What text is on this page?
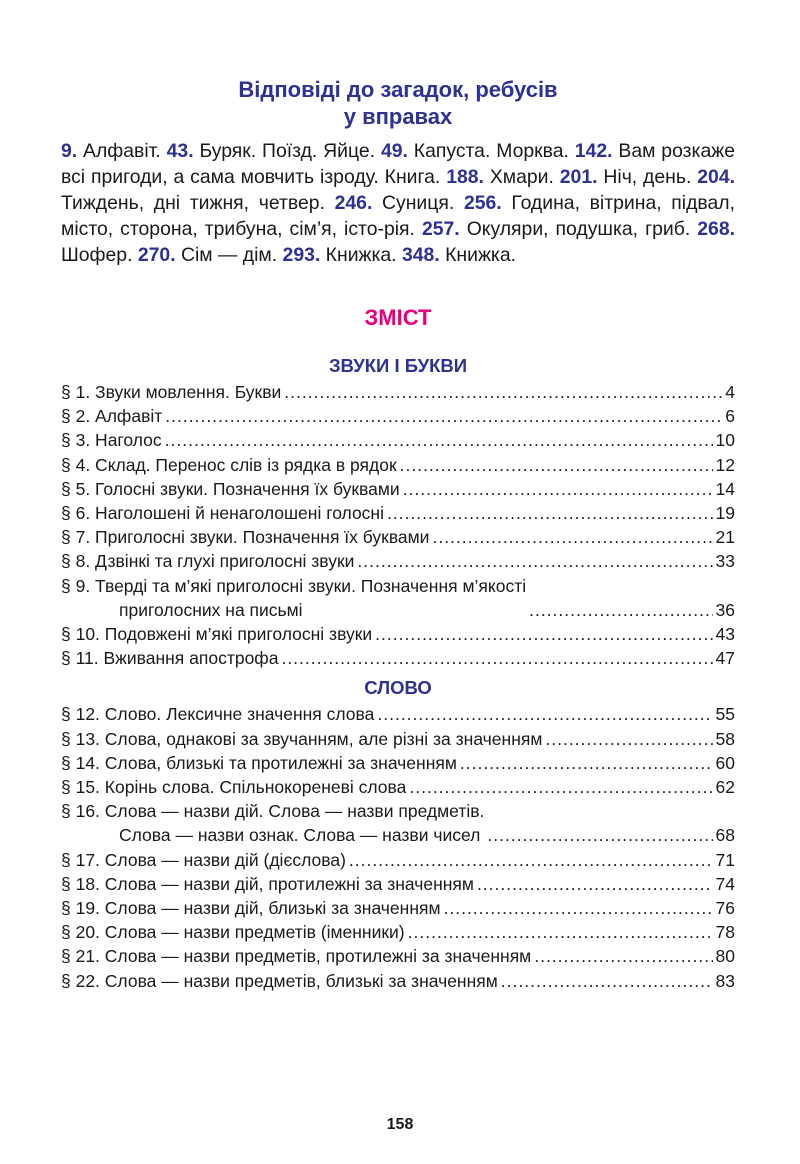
Відповіді до загадок, ребусів
у вправах
9. Алфавіт. 43. Буряк. Поїзд. Яйце. 49. Капуста. Морква. 142. Вам розкаже всі пригоди, а сама мовчить ізроду. Книга. 188. Хмари. 201. Ніч, день. 204. Тиждень, дні тижня, четвер. 246. Суниця. 256. Година, вітрина, підвал, місто, сторона, трибуна, сім’я, істо-рія. 257. Окуляри, подушка, гриб. 268. Шофер. 270. Сім — дім. 293. Книжка. 348. Книжка.
ЗМІСТ
ЗВУКИ І БУКВИ
§ 1. Звуки мовлення. Букви .....	4
§ 2. Алфавіт .....	6
§ 3. Наголос .....	10
§ 4. Склад. Перенос слів із рядка в рядок .....	12
§ 5. Голосні звуки. Позначення їх буквами .....	14
§ 6. Наголошені й ненаголошені голосні .....	19
§ 7. Приголосні звуки. Позначення їх буквами .....	21
§ 8. Дзвінкі та глухі приголосні звуки .....	33
§ 9. Тверді та м’які приголосні звуки. Позначення м’якості
приголосних на письмі .....	36
§ 10. Подовжені м’які приголосні звуки .....	43
§ 11. Вживання апострофа .....	47
СЛОВО
§ 12. Слово. Лексичне значення слова .....	55
§ 13. Слова, однакові за звучанням, але різні за значенням .....	58
§ 14. Слова, близькі та протилежні за значенням .....	60
§ 15. Корінь слова. Спільнокореневі слова .....	62
§ 16. Слова — назви дій. Слова — назви предметів.
Слова — назви ознак. Слова — назви чисел .....	68
§ 17. Слова — назви дій (дієслова) .....	71
§ 18. Слова — назви дій, протилежні за значенням .....	74
§ 19. Слова — назви дій, близькі за значенням .....	76
§ 20. Слова — назви предметів (іменники) .....	78
§ 21. Слова — назви предметів, протилежні за значенням .....	80
§ 22. Слова — назви предметів, близькі за значенням .....	83
158
